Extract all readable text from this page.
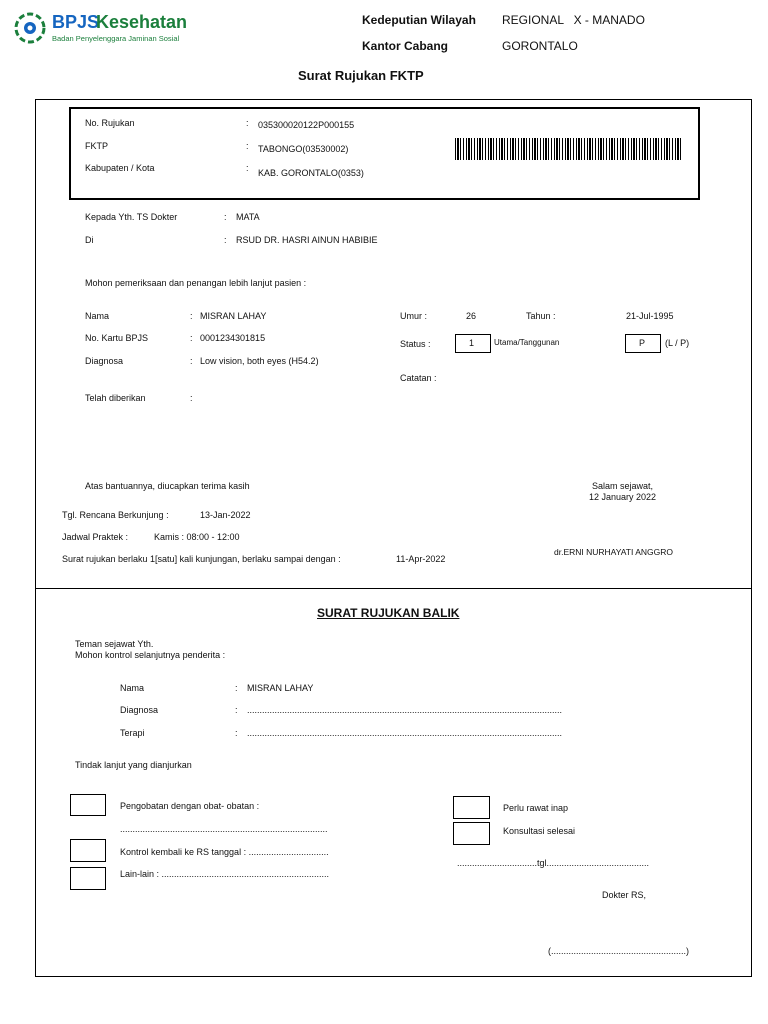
BPJS
Kesehatan
Badan Penyelenggara Jaminan Sosial
Kedeputian Wilayah REGIONAL   X - MANADO
Kantor Cabang	GORONTALO
Surat Rujukan FKTP
No. Rujukan	: 035300020122P000155
FKTP	: TABONGO(03530002)
Kabupaten / Kota	: KAB. GORONTALO(0353)
Kepada Yth. TS Dokter	: MATA
Di	: RSUD DR. HASRI AINUN HABIBIE
Mohon pemeriksaan dan penangan lebih lanjut pasien :
Nama	: MISRAN LAHAY
No. Kartu BPJS	: 0001234301815
Diagnosa	: Low vision, both eyes (H54.2)
Telah diberikan	:
Umur :	26	Tahun :	21-Jul-1995
Status :	1 Utama/Tanggunan	P (L / P)
Catatan :
Atas bantuannya, diucapkan terima kasih	Salam sejawat,
12 January 2022
Tgl. Rencana Berkunjung :	13-Jan-2022
Jadwal Praktek :	Kamis : 08:00 - 12:00
Surat rujukan berlaku 1[satu] kali kunjungan, berlaku sampai dengan :	11-Apr-2022
dr.ERNI NURHAYATI ANGGRO
SURAT RUJUKAN BALIK
Teman sejawat Yth.
Mohon kontrol selanjutnya penderita :
Nama	: MISRAN LAHAY
Diagnosa	: ..............................................................................................................................
Terapi	: ..............................................................................................................................
Tindak lanjut yang dianjurkan
Pengobatan dengan obat- obatan :
...................................................................................
Kontrol kembali ke RS tanggal : ................................
Lain-lain : ...................................................................
Perlu rawat inap
Konsultasi selesai
................................tgl.........................................
Dokter RS,
(......................................................)
